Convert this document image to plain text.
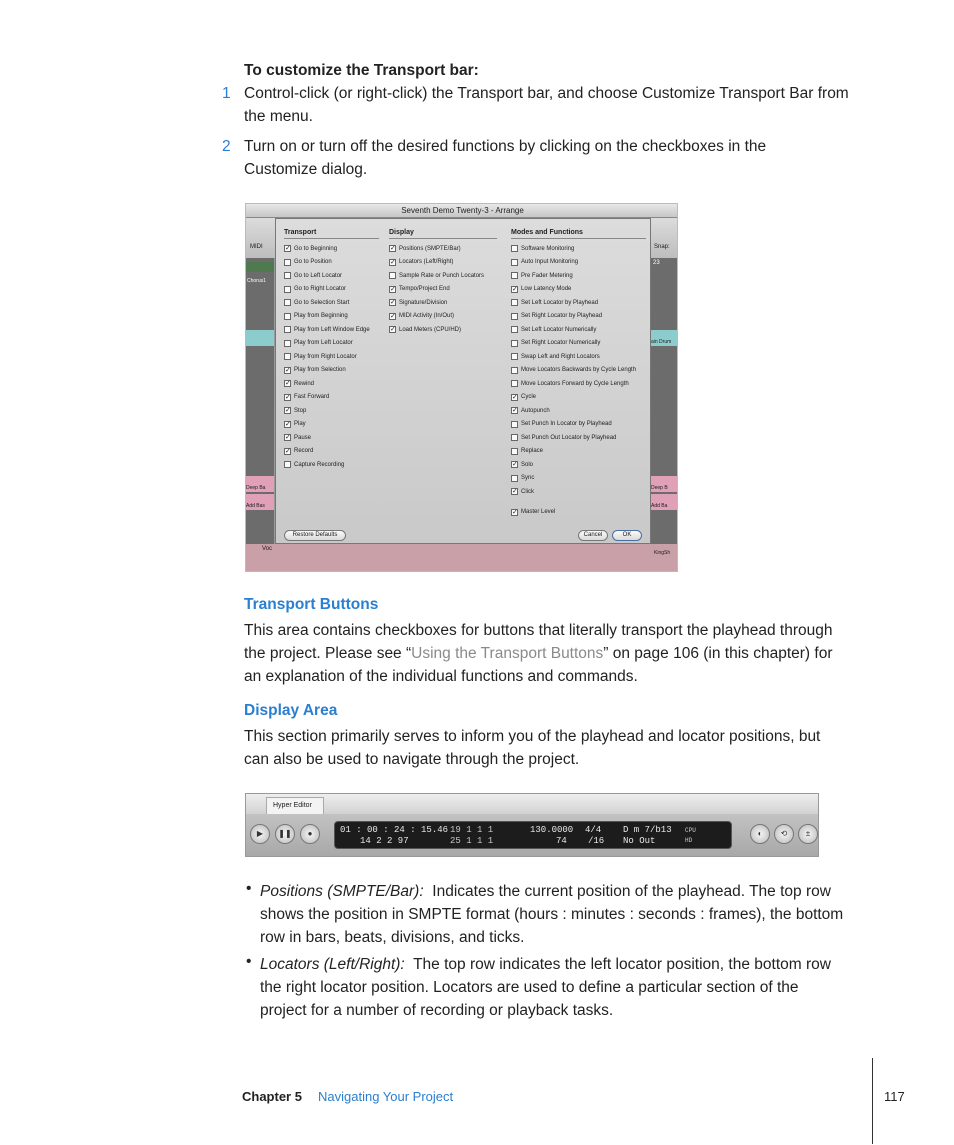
To customize the Transport bar:
1 Control-click (or right-click) the Transport bar, and choose Customize Transport Bar from
the menu.
2 Turn on or turn off the desired functions by clicking on the checkboxes in the
Customize dialog.
Seventh Demo Twenty-3 - Arrange
MIDI	Snap:
Chorus1
Deep Ba
Add Bas
23
ain Drum
Deep B
Add Ba
Voc
KingSh
Transport	Display	Modes and Functions
✓ Go to Beginning
Go to Position
Go to Left Locator
Go to Right Locator
Go to Selection Start
Play from Beginning
Play from Left Window Edge
Play from Left Locator
Play from Right Locator
✓ Play from Selection
✓ Rewind
✓ Fast Forward
✓ Stop
✓ Play
✓ Pause
✓ Record
Capture Recording
✓ Positions (SMPTE/Bar)
✓ Locators (Left/Right)
Sample Rate or Punch Locators
✓ Tempo/Project End
✓ Signature/Division
✓ MIDI Activity (In/Out)
✓ Load Meters (CPU/HD)
Software Monitoring
Auto Input Monitoring
Pre Fader Metering
✓ Low Latency Mode
Set Left Locator by Playhead
Set Right Locator by Playhead
Set Left Locator Numerically
Set Right Locator Numerically
Swap Left and Right Locators
Move Locators Backwards by Cycle Length
Move Locators Forward by Cycle Length
✓ Cycle
✓ Autopunch
Set Punch In Locator by Playhead
Set Punch Out Locator by Playhead
Replace
✓ Solo
Sync
✓ Click
✓ Master Level
Restore Defaults	Cancel	OK
Transport Buttons
This area contains checkboxes for buttons that literally transport the playhead through
the project. Please see “Using the Transport Buttons” on page 106 (in this chapter) for
an explanation of the individual functions and commands.
Display Area
This section primarily serves to inform you of the playhead and locator positions, but
can also be used to navigate through the project.
Hyper Editor
▶	❚❚	●	01 : 00 : 24 : 15.46
14 2 2 97
19 1 1 1
25 1 1 1
130.0000
74
4/4
/16
D m 7/b13
No Out
CPU
HD
◐	⟲	±
• Positions (SMPTE/Bar): Indicates the current position of the playhead. The top row
shows the position in SMPTE format (hours : minutes : seconds : frames), the bottom
row in bars, beats, divisions, and ticks.
• Locators (Left/Right): The top row indicates the left locator position, the bottom row
the right locator position. Locators are used to define a particular section of the
project for a number of recording or playback tasks.
Chapter 5 Navigating Your Project	117
